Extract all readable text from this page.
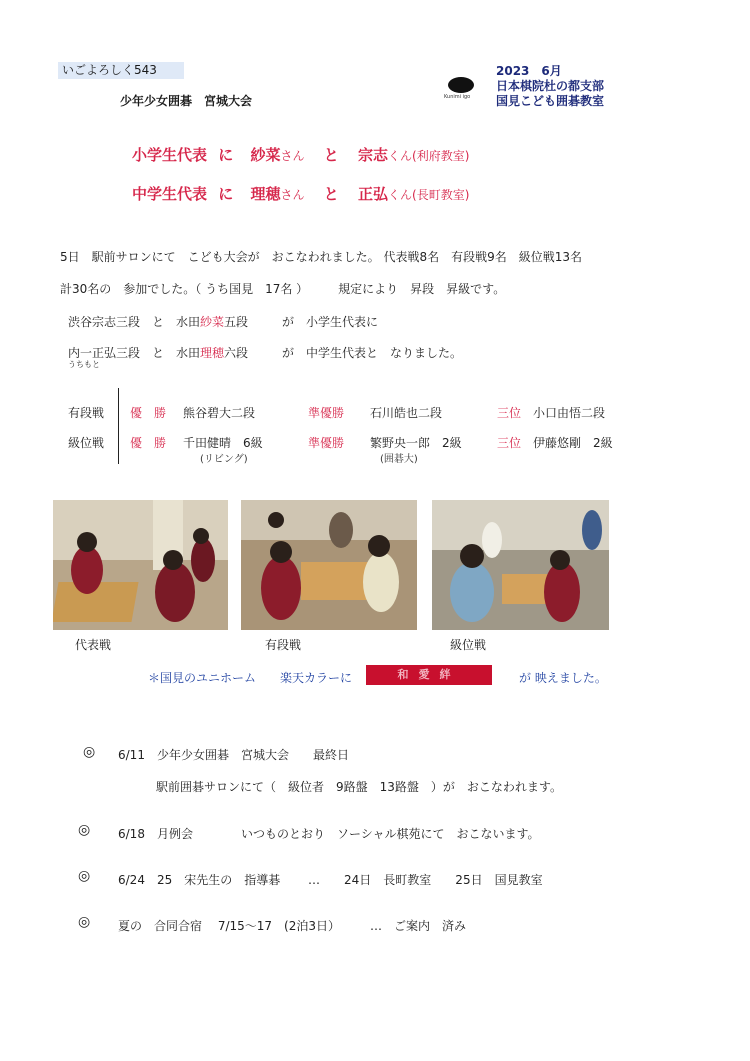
いごよろしく543
少年少女囲碁　宮城大会	Kunimi igo
2023　6月
日本棋院杜の都支部
国見こども囲碁教室
小学生代表 に 紗菜さん と 宗志くん(利府教室)
中学生代表 に 理穂さん と 正弘くん(長町教室)
5日　駅前サロンにて　こども大会が　おこなわれました。 代表戦8名　有段戦9名　級位戦13名
計30名の　参加でした。（ うち国見　17名 ）　　　規定により　昇段　昇級です。
渋谷宗志三段　と　水田紗菜五段	が　小学生代表に
内一正弘三段　と　水田理穂六段	が　中学生代表と　なりました。
うちもと
有段戦 優　勝 熊谷碧大二段	準優勝 石川皓也二段	三位 小口由悟二段
級位戦 優　勝 千田健晴　6級	準優勝 繁野央一郎　2級	三位 伊藤悠剛　2級
(リビング)	(囲碁大)
代表戦	有段戦	級位戦
＊国見のユニホーム　　楽天カラーに	和愛絆	が 映えました。
◎ 6/11　少年少女囲碁　宮城大会　　最終日
駅前囲碁サロンにて（　級位者　9路盤　13路盤　）が　おこなわれます。
◎ 6/18　月例会　　　　いつものとおり　ソーシャル棋苑にて　おこないます。
◎ 6/24　25　宋先生の　指導碁　　 …　　24日　長町教室　　25日　国見教室
◎ 夏の　合同合宿　 7/15～17　(2泊3日）　　　…　ご案内　済み
